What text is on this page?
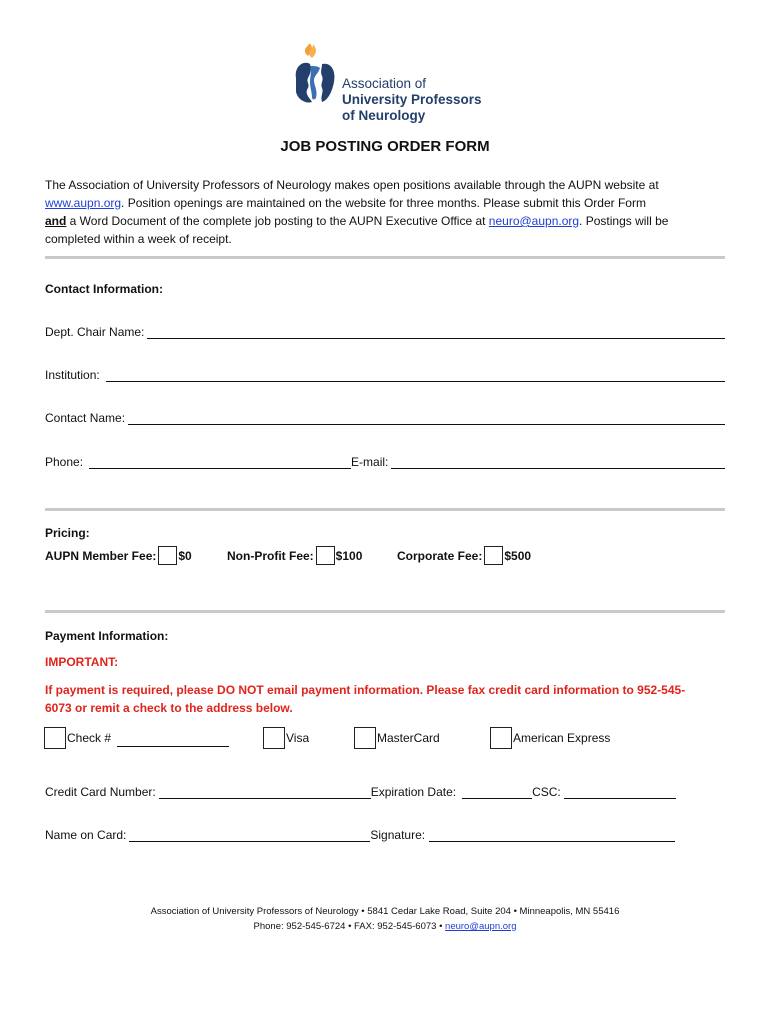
Association of
University Professors
of Neurology
JOB POSTING ORDER FORM
The Association of University Professors of Neurology makes open positions available through the AUPN website at
www.aupn.org. Position openings are maintained on the website for three months. Please submit this Order Form
and a Word Document of the complete job posting to the AUPN Executive Office at neuro@aupn.org. Postings will be completed within a week of receipt.
Contact Information:
Dept. Chair Name:
Institution:
Contact Name:
Phone:	E-mail:
Pricing:
AUPN Member Fee: $0	Non-Profit Fee: $100	Corporate Fee: $500
Payment Information:
IMPORTANT:
If payment is required, please DO NOT email payment information. Please fax credit card information to 952-545-
6073 or remit a check to the address below.
Check #	Visa	MasterCard	American Express
Credit Card Number:	Expiration Date:	CSC:
Name on Card:	Signature:
Association of University Professors of Neurology • 5841 Cedar Lake Road, Suite 204 • Minneapolis, MN 55416
Phone: 952-545-6724 • FAX: 952-545-6073 • neuro@aupn.org
